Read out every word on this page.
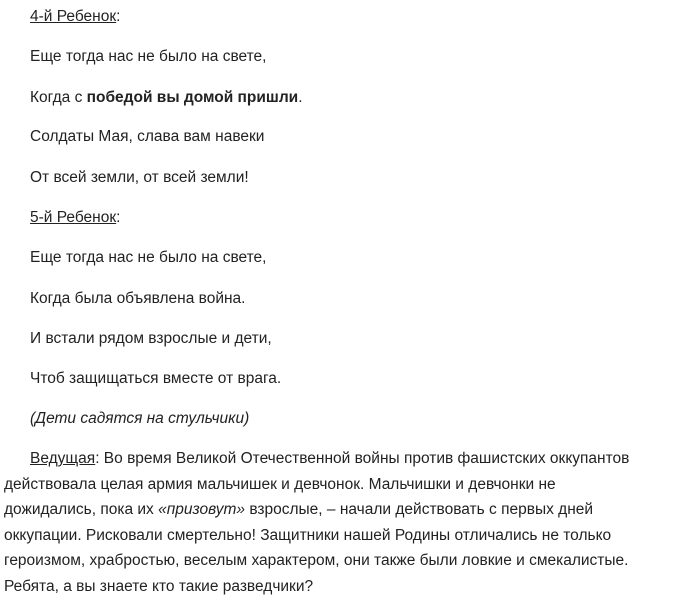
4-й Ребенок:
Еще тогда нас не было на свете,
Когда с победой вы домой пришли.
Солдаты Мая, слава вам навеки
От всей земли, от всей земли!
5-й Ребенок:
Еще тогда нас не было на свете,
Когда была объявлена война.
И встали рядом взрослые и дети,
Чтоб защищаться вместе от врага.
(Дети садятся на стульчики)
Ведущая: Во время Великой Отечественной войны против фашистских оккупантов
действовала целая армия мальчишек и девчонок. Мальчишки и девчонки не
дожидались, пока их «призовут» взрослые, – начали действовать с первых дней
оккупации. Рисковали смертельно! Защитники нашей Родины отличались не только
героизмом, храбростью, веселым характером, они также были ловкие и смекалистые.
Ребята, а вы знаете кто такие разведчики?
